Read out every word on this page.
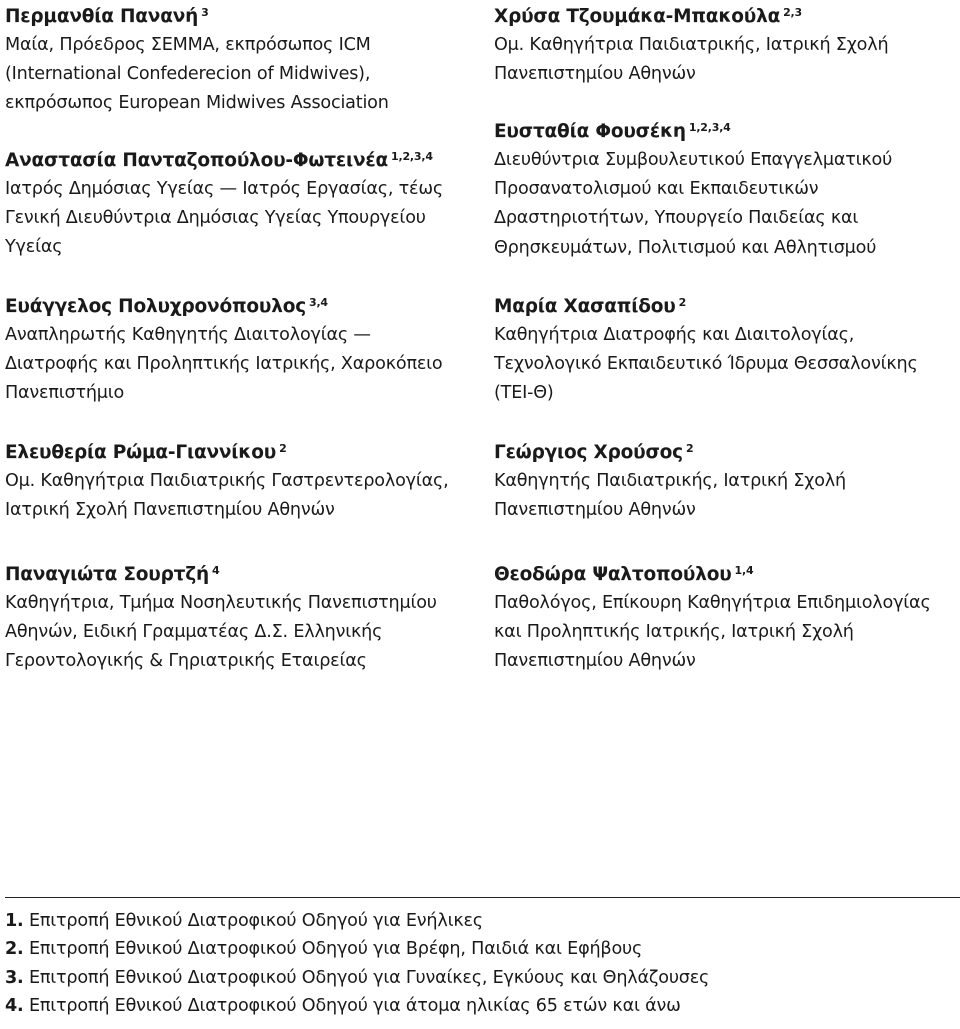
Περμανθία Πανανή $^3$
Μαία, Πρόεδρος ΣΕΜΜΑ, εκπρόσωπος ICM
(International Confederecion of Midwives),
εκπρόσωπος European Midwives Association
Αναστασία Πανταζοπούλου-Φωτεινέα $^{1,2,3,4}$
Ιατρός Δημόσιας Υγείας — Ιατρός Εργασίας, τέως
Γενική Διευθύντρια Δημόσιας Υγείας Υπουργείου
Υγείας
Ευάγγελος Πολυχρονόπουλος $^{3,4}$
Αναπληρωτής Καθηγητής Διαιτολογίας —
Διατροφής και Προληπτικής Ιατρικής, Χαροκόπειο
Πανεπιστήμιο
Ελευθερία Ρώμα-Γιαννίκου $^2$
Ομ. Καθηγήτρια Παιδιατρικής Γαστρεντερολογίας,
Ιατρική Σχολή Πανεπιστημίου Αθηνών
Παναγιώτα Σουρτζή $^4$
Καθηγήτρια, Τμήμα Νοσηλευτικής Πανεπιστημίου
Αθηνών, Ειδική Γραμματέας Δ.Σ. Ελληνικής
Γεροντολογικής & Γηριατρικής Εταιρείας
Χρύσα Τζουμάκα-Μπακούλα $^{2,3}$
Ομ. Καθηγήτρια Παιδιατρικής, Ιατρική Σχολή
Πανεπιστημίου Αθηνών
Ευσταθία Φουσέκη $^{1,2,3,4}$
Διευθύντρια Συμβουλευτικού Επαγγελματικού
Προσανατολισμού και Εκπαιδευτικών
Δραστηριοτήτων, Υπουργείο Παιδείας και
Θρησκευμάτων, Πολιτισμού και Αθλητισμού
Μαρία Χασαπίδου $^2$
Καθηγήτρια Διατροφής και Διαιτολογίας,
Τεχνολογικό Εκπαιδευτικό Ίδρυμα Θεσσαλονίκης
(ΤΕΙ-Θ)
Γεώργιος Χρούσος $^2$
Καθηγητής Παιδιατρικής, Ιατρική Σχολή
Πανεπιστημίου Αθηνών
Θεοδώρα Ψαλτοπούλου $^{1,4}$
Παθολόγος, Επίκουρη Καθηγήτρια Επιδημιολογίας
και Προληπτικής Ιατρικής, Ιατρική Σχολή
Πανεπιστημίου Αθηνών
1. Επιτροπή Εθνικού Διατροφικού Οδηγού για Ενήλικες
2. Επιτροπή Εθνικού Διατροφικού Οδηγού για Βρέφη, Παιδιά και Εφήβους
3. Επιτροπή Εθνικού Διατροφικού Οδηγού για Γυναίκες, Εγκύους και Θηλάζουσες
4. Επιτροπή Εθνικού Διατροφικού Οδηγού για άτομα ηλικίας 65 ετών και άνω
